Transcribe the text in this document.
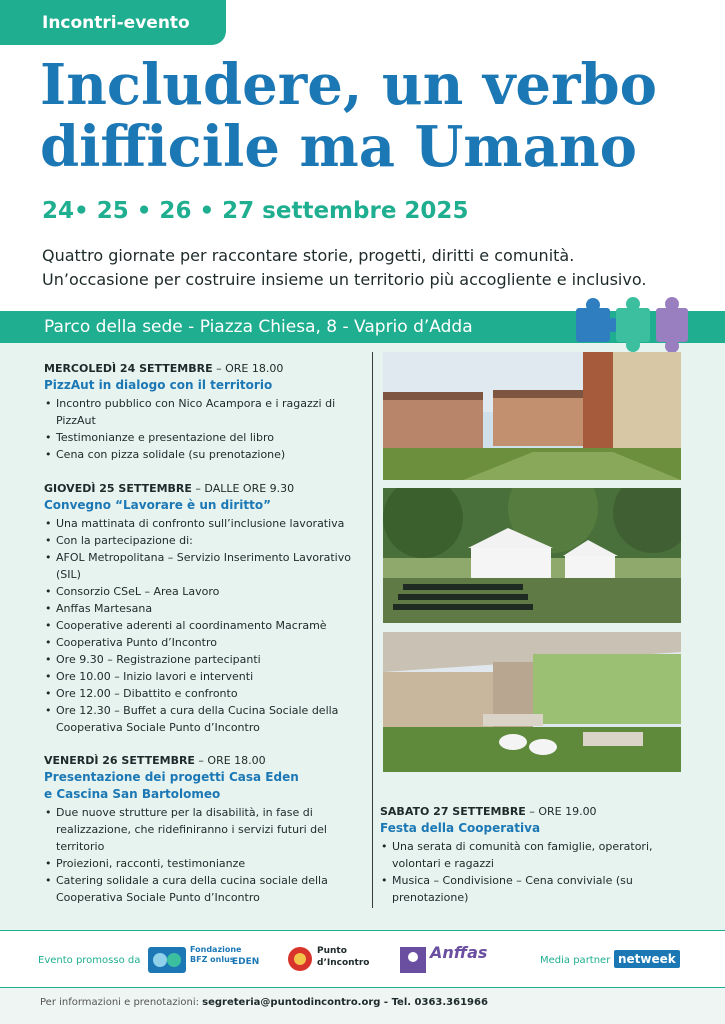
Incontri-evento
Includere, un verbo
difficile ma Umano
24• 25 • 26 • 27 settembre 2025
Quattro giornate per raccontare storie, progetti, diritti e comunità.
Un’occasione per costruire insieme un territorio più accogliente e inclusivo.
Parco della sede - Piazza Chiesa, 8 - Vaprio d’Adda
MERCOLEDÌ 24 SETTEMBRE – ORE 18.00
PizzAut in dialogo con il territorio
• Incontro pubblico con Nico Acampora e i ragazzi di PizzAut
• Testimonianze e presentazione del libro
• Cena con pizza solidale (su prenotazione)
GIOVEDÌ 25 SETTEMBRE – DALLE ORE 9.30
Convegno “Lavorare è un diritto”
• Una mattinata di confronto sull’inclusione lavorativa
• Con la partecipazione di:
• AFOL Metropolitana – Servizio Inserimento Lavorativo (SIL)
• Consorzio CSeL – Area Lavoro
• Anffas Martesana
• Cooperative aderenti al coordinamento Macramè
• Cooperativa Punto d’Incontro
• Ore 9.30 – Registrazione partecipanti
• Ore 10.00 – Inizio lavori e interventi
• Ore 12.00 – Dibattito e confronto
• Ore 12.30 – Buffet a cura della Cucina Sociale della Cooperativa Sociale Punto d’Incontro
VENERDÌ 26 SETTEMBRE – ORE 18.00
Presentazione dei progetti Casa Eden
e Cascina San Bartolomeo
• Due nuove strutture per la disabilità, in fase di realizzazione, che ridefiniranno i servizi futuri del territorio
• Proiezioni, racconti, testimonianze
• Catering solidale a cura della cucina sociale della Cooperativa Sociale Punto d’Incontro
SABATO 27 SETTEMBRE – ORE 19.00
Festa della Cooperativa
• Una serata di comunità con famiglie, operatori, volontari e ragazzi
• Musica – Condivisione – Cena conviviale (su prenotazione)
Evento promosso da
Fondazione BFZ onlus
EDEN
Punto d’Incontro
Anffas	Media partner netweek
Per informazioni e prenotazioni: segreteria@puntodincontro.org - Tel. 0363.361966
